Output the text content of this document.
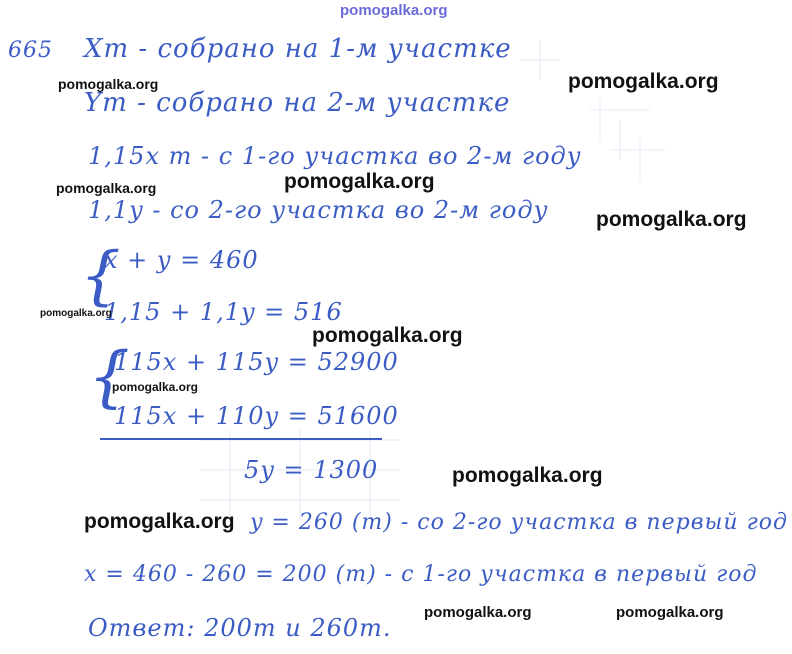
pomogalka.org
665 Xт - собрано на 1-м участке
Yт - собрано на 2-м участке
1,15x т - с 1-го участка во 2-м году
1,1y - со 2-го участка во 2-м году
{
x + y = 460
1,15 + 1,1y = 516
{
115x + 115y = 52900
115x + 110y = 51600
5y = 1300
y = 260 (т) - со 2-го участка в первый год
x = 460 - 260 = 200 (т) - с 1-го участка в первый год
Ответ: 200т и 260т.
pomogalka.org	pomogalka.org
pomogalka.org	pomogalka.org
pomogalka.org
pomogalka.org
pomogalka.org
pomogalka.org
pomogalka.org
pomogalka.org
pomogalka.org	pomogalka.org
